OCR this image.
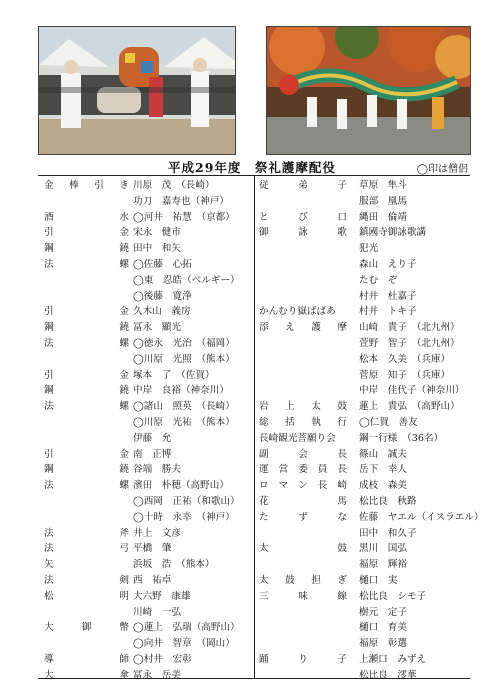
平成29年度　祭礼護摩配役	◯印は僧侶
金 棒 引 き 川原　茂　（長崎）
功刀　嘉寿也（神戸）
酒水 ◯河井　祐慧　（京都）
引金 宋永　健市
鋼鐃 田中　和矢
法螺 ◯佐藤　心拓
◯東　忍皓（ベルギー）
◯後藤　寛浄
引金 久木山　義房
鋼鐃 冨永　顯光
法螺 ◯徳永　光治　（福岡）
◯川原　光照　（熊本）
引金 塚本　了　（佐賀）
鋼鐃 中岸　良裕（神奈川）
法螺 ◯諸山　照英　（長崎）
◯川原　光祐　（熊本）
伊藤　允
引金 南　正博
鋼鐃 谷端　勝夫
法螺 濱田　朴穂（高野山）
◯西岡　正祐（和歌山）
◯十時　永幸　（神戸）
法斧 井上　文彦
法弓 平橋　肇
矢	浜坂　浩　（熊本）
法剣 西　祐卓
松明 大六野　康雄
川崎　一弘
大 御 幣 ◯蓮上　弘瑞（高野山）
◯向井　智章　（岡山）
導師 ◯村井　宏彰
大傘 冨永　岳美
従 弟 子 草原　隼斗
服部　凰馬
と び 口 縄田　倫靖
御 詠 歌 鎮國寺御詠歌講
犯光
森山　えり子
たむ　ぞ
村井　杜嘉子
かんむり嶽ばばあ	村井　トキ子
添 え 護 摩 山崎　貴子　（北九州）
萱野　智子　（北九州）
松本　久美　（兵庫）
菅原　知子　（兵庫）
中岸　佳代子（神奈川）
岩 上 太 鼓 蓮上　貴弘　（高野山）
総 括 執 行 ◯仁賀　善友
長崎観光菩願り会	鋼一行様　（36名）
副 会 長 篠山　誠夫
運営委員長 岳下　幸人
ロマン長崎 成枝　森美
花 馬 松比良　秋路
た ず な 佐藤　ヤエル（イスラエル）
田中　和久子
太 鼓 黒川　国弘
福原　輝裕
太 鼓 担 ぎ 樋口　実
三 味 線 松比良　シモ子
樹元　定子
樋口　育美
福原　彰選
踊 り 子 上瀬口　みずえ
松比良　澪華
